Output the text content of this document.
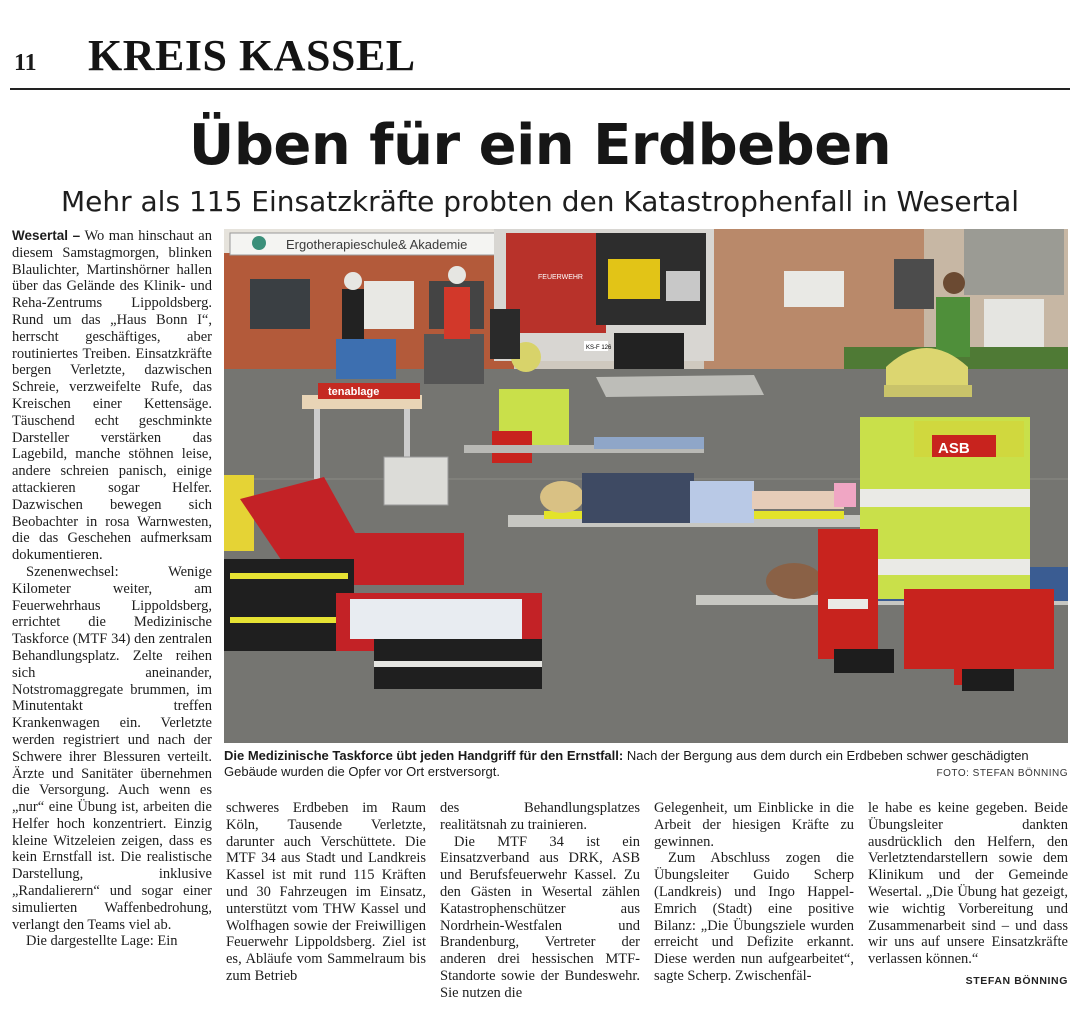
11 KREIS KASSEL
Üben für ein Erdbeben
Mehr als 115 Einsatzkräfte probten den Katastrophenfall in Wesertal

Wesertal – Wo man hinschaut an diesem Samstagmorgen, blinken Blaulichter, Martinshörner hallen über das Gelände des Klinik- und Reha-Zentrums Lippoldsberg. Rund um das „Haus Bonn I“, herrscht geschäftiges, aber routiniertes Treiben. Einsatzkräfte bergen Verletzte, dazwischen Schreie, verzweifelte Rufe, das Kreischen einer Kettensäge. Täuschend echt geschminkte Darsteller verstärken das Lagebild, manche stöhnen leise, andere schreien panisch, einige attackieren sogar Helfer. Dazwischen bewegen sich Beobachter in rosa Warnwesten, die das Geschehen aufmerksam dokumentieren.

Szenenwechsel: Wenige Kilometer weiter, am Feuerwehrhaus Lippoldsberg, errichtet die Medizinische Taskforce (MTF 34) den zentralen Behandlungsplatz. Zelte reihen sich aneinander, Notstromaggregate brummen, im Minutentakt treffen Krankenwagen ein. Verletzte werden registriert und nach der Schwere ihrer Blessuren verteilt. Ärzte und Sanitäter übernehmen die Versorgung. Auch wenn es „nur“ eine Übung ist, arbeiten die Helfer hoch konzentriert. Einzig kleine Witzeleien zeigen, dass es kein Ernstfall ist. Die realistische Darstellung, inklusive „Randalierern“ und sogar einer simulierten Waffenbedrohung, verlangt den Teams viel ab.

Die dargestellte Lage: Ein

Ergotherapieschule& Akademie
FEUERWEHR
KS-F 126
tenablage
ASB
Die Medizinische Taskforce übt jeden Handgriff für den Ernstfall: Nach der Bergung aus dem durch ein Erdbeben schwer geschädigten Gebäude wurden die Opfer vor Ort erstversorgt.	FOTO: STEFAN BÖNNING

schweres Erdbeben im Raum Köln, Tausende Verletzte, darunter auch Verschüttete. Die MTF 34 aus Stadt und Landkreis Kassel ist mit rund 115 Kräften und 30 Fahrzeugen im Einsatz, unterstützt vom THW Kassel und Wolfhagen sowie der Freiwilligen Feuerwehr Lippoldsberg. Ziel ist es, Abläufe vom Sammelraum bis zum Betrieb

des Behandlungsplatzes realitätsnah zu trainieren.

Die MTF 34 ist ein Einsatzverband aus DRK, ASB und Berufsfeuerwehr Kassel. Zu den Gästen in Wesertal zählen Katastrophenschützer aus Nordrhein-Westfalen und Brandenburg, Vertreter der anderen drei hessischen MTF-Standorte sowie der Bundeswehr. Sie nutzen die

Gelegenheit, um Einblicke in die Arbeit der hiesigen Kräfte zu gewinnen.

Zum Abschluss zogen die Übungsleiter Guido Scherp (Landkreis) und Ingo Happel-Emrich (Stadt) eine positive Bilanz: „Die Übungsziele wurden erreicht und Defizite erkannt. Diese werden nun aufgearbeitet“, sagte Scherp. Zwischenfäl-

le habe es keine gegeben. Beide Übungsleiter dankten ausdrücklich den Helfern, den Verletztendarstellern sowie dem Klinikum und der Gemeinde Wesertal. „Die Übung hat gezeigt, wie wichtig Vorbereitung und Zusammenarbeit sind – und dass wir uns auf unsere Einsatzkräfte verlassen können.“

STEFAN BÖNNING
